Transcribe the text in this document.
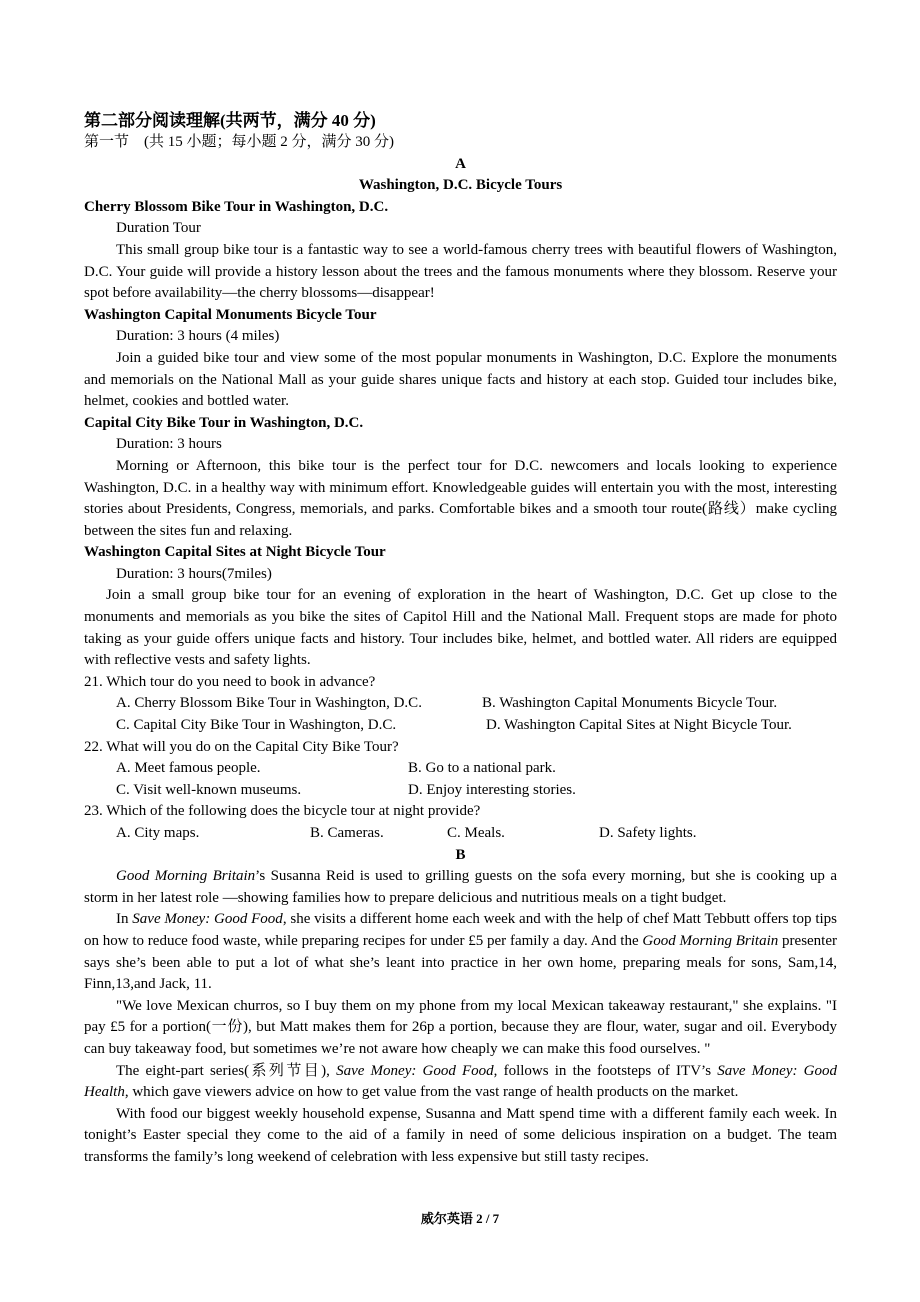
第二部分阅读理解(共两节，满分 40 分)

第一节　(共 15 小题；每小题 2 分，满分 30 分)

A

Washington, D.C. Bicycle Tours

Cherry Blossom Bike Tour in Washington, D.C.

Duration Tour

This small group bike tour is a fantastic way to see a world-famous cherry trees with beautiful flowers of Washington, D.C. Your guide will provide a history lesson about the trees and the famous monuments where they blossom. Reserve your spot before availability—the cherry blossoms—disappear!

Washington Capital Monuments Bicycle Tour

Duration: 3 hours (4 miles)

Join a guided bike tour and view some of the most popular monuments in Washington, D.C. Explore the monuments and memorials on the National Mall as your guide shares unique facts and history at each stop. Guided tour includes bike, helmet, cookies and bottled water.

Capital City Bike Tour in Washington, D.C.

Duration: 3 hours

Morning or Afternoon, this bike tour is the perfect tour for D.C. newcomers and locals looking to experience Washington, D.C. in a healthy way with minimum effort. Knowledgeable guides will entertain you with the most, interesting stories about Presidents, Congress, memorials, and parks. Comfortable bikes and a smooth tour route(路线）make cycling between the sites fun and relaxing.

Washington Capital Sites at Night Bicycle Tour

Duration: 3 hours(7miles)

Join a small group bike tour for an evening of exploration in the heart of Washington, D.C. Get up close to the monuments and memorials as you bike the sites of Capitol Hill and the National Mall. Frequent stops are made for photo taking as your guide offers unique facts and history. Tour includes bike, helmet, and bottled water. All riders are equipped with reflective vests and safety lights.

21. Which tour do you need to book in advance?

A. Cherry Blossom Bike Tour in Washington, D.C.	B. Washington Capital Monuments Bicycle Tour.
C. Capital City Bike Tour in Washington, D.C.	D. Washington Capital Sites at Night Bicycle Tour.

22. What will you do on the Capital City Bike Tour?

A. Meet famous people.	B. Go to a national park.
C. Visit well-known museums.	D. Enjoy interesting stories.

23. Which of the following does the bicycle tour at night provide?

A. City maps.	B. Cameras.	C. Meals.	D. Safety lights.

B

Good Morning Britain’s Susanna Reid is used to grilling guests on the sofa every morning, but she is cooking up a storm in her latest role —showing families how to prepare delicious and nutritious meals on a tight budget.

In Save Money: Good Food, she visits a different home each week and with the help of chef Matt Tebbutt offers top tips on how to reduce food waste, while preparing recipes for under £5 per family a day. And the Good Morning Britain presenter says she’s been able to put a lot of what she’s leant into practice in her own home, preparing meals for sons, Sam,14, Finn,13,and Jack, 11.

"We love Mexican churros, so I buy them on my phone from my local Mexican takeaway restaurant," she explains. "I pay £5 for a portion(一份), but Matt makes them for 26p a portion, because they are flour, water, sugar and oil. Everybody can buy takeaway food, but sometimes we’re not aware how cheaply we can make this food ourselves. "

The eight-part series(系列节目), Save Money: Good Food, follows in the footsteps of ITV’s Save Money: Good Health, which gave viewers advice on how to get value from the vast range of health products on the market.

With food our biggest weekly household expense, Susanna and Matt spend time with a different family each week. In tonight’s Easter special they come to the aid of a family in need of some delicious inspiration on a budget. The team transforms the family’s long weekend of celebration with less expensive but still tasty recipes.

威尔英语 2 / 7
